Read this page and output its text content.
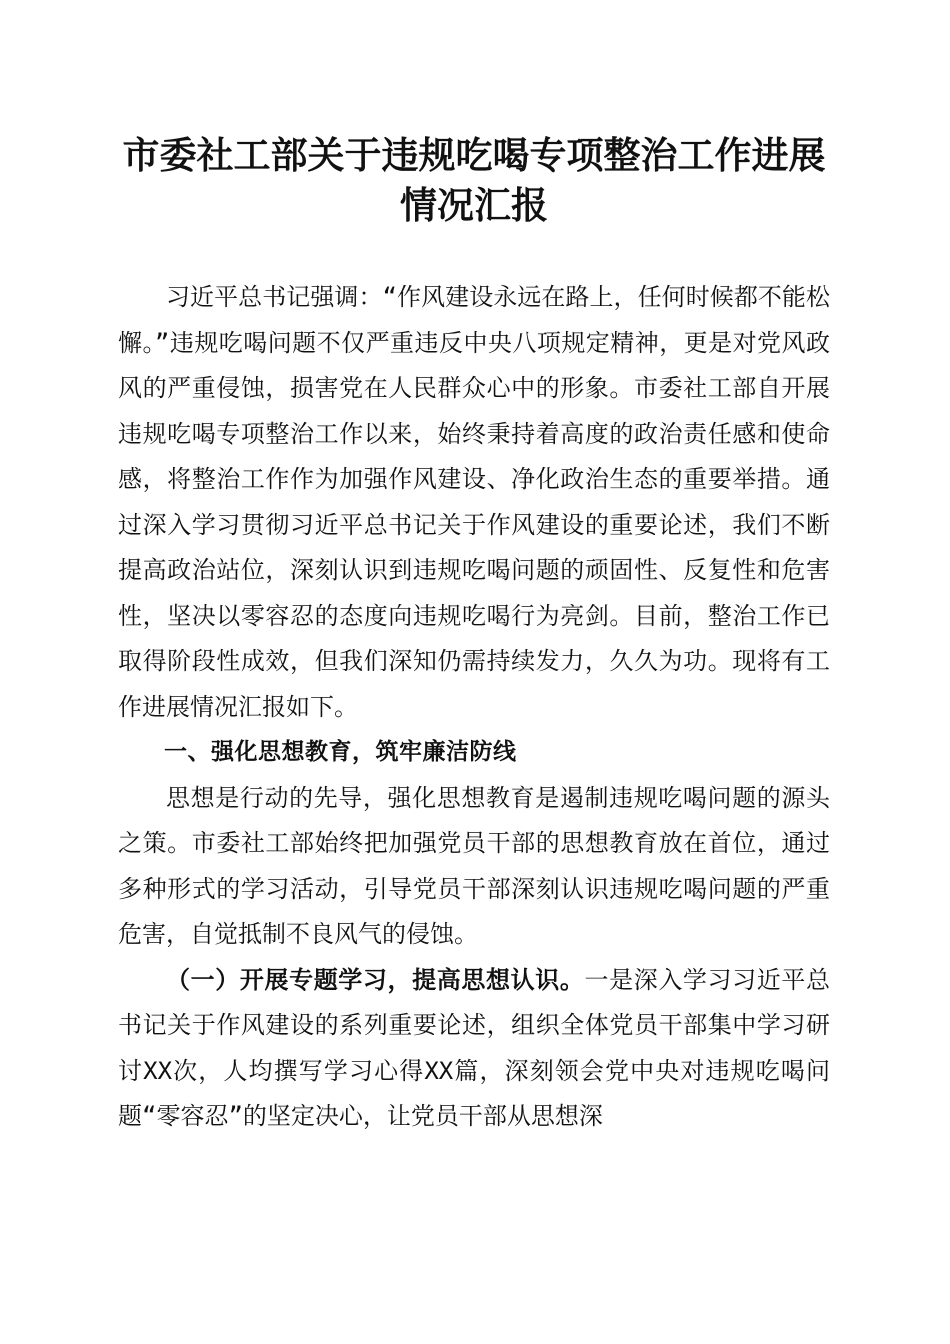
市委社工部关于违规吃喝专项整治工作进展情况汇报

习近平总书记强调：“作风建设永远在路上，任何时候都不能松懈。”违规吃喝问题不仅严重违反中央八项规定精神，更是对党风政风的严重侵蚀，损害党在人民群众心中的形象。市委社工部自开展违规吃喝专项整治工作以来，始终秉持着高度的政治责任感和使命感，将整治工作作为加强作风建设、净化政治生态的重要举措。通过深入学习贯彻习近平总书记关于作风建设的重要论述，我们不断提高政治站位，深刻认识到违规吃喝问题的顽固性、反复性和危害性，坚决以零容忍的态度向违规吃喝行为亮剑。目前，整治工作已取得阶段性成效，但我们深知仍需持续发力，久久为功。现将有工作进展情况汇报如下。

一、强化思想教育，筑牢廉洁防线

思想是行动的先导，强化思想教育是遏制违规吃喝问题的源头之策。市委社工部始终把加强党员干部的思想教育放在首位，通过多种形式的学习活动，引导党员干部深刻认识违规吃喝问题的严重危害，自觉抵制不良风气的侵蚀。

（一）开展专题学习，提高思想认识。一是深入学习习近平总书记关于作风建设的系列重要论述，组织全体党员干部集中学习研讨XX次，人均撰写学习心得XX篇，深刻领会党中央对违规吃喝问题“零容忍”的坚定决心，让党员干部从思想深
